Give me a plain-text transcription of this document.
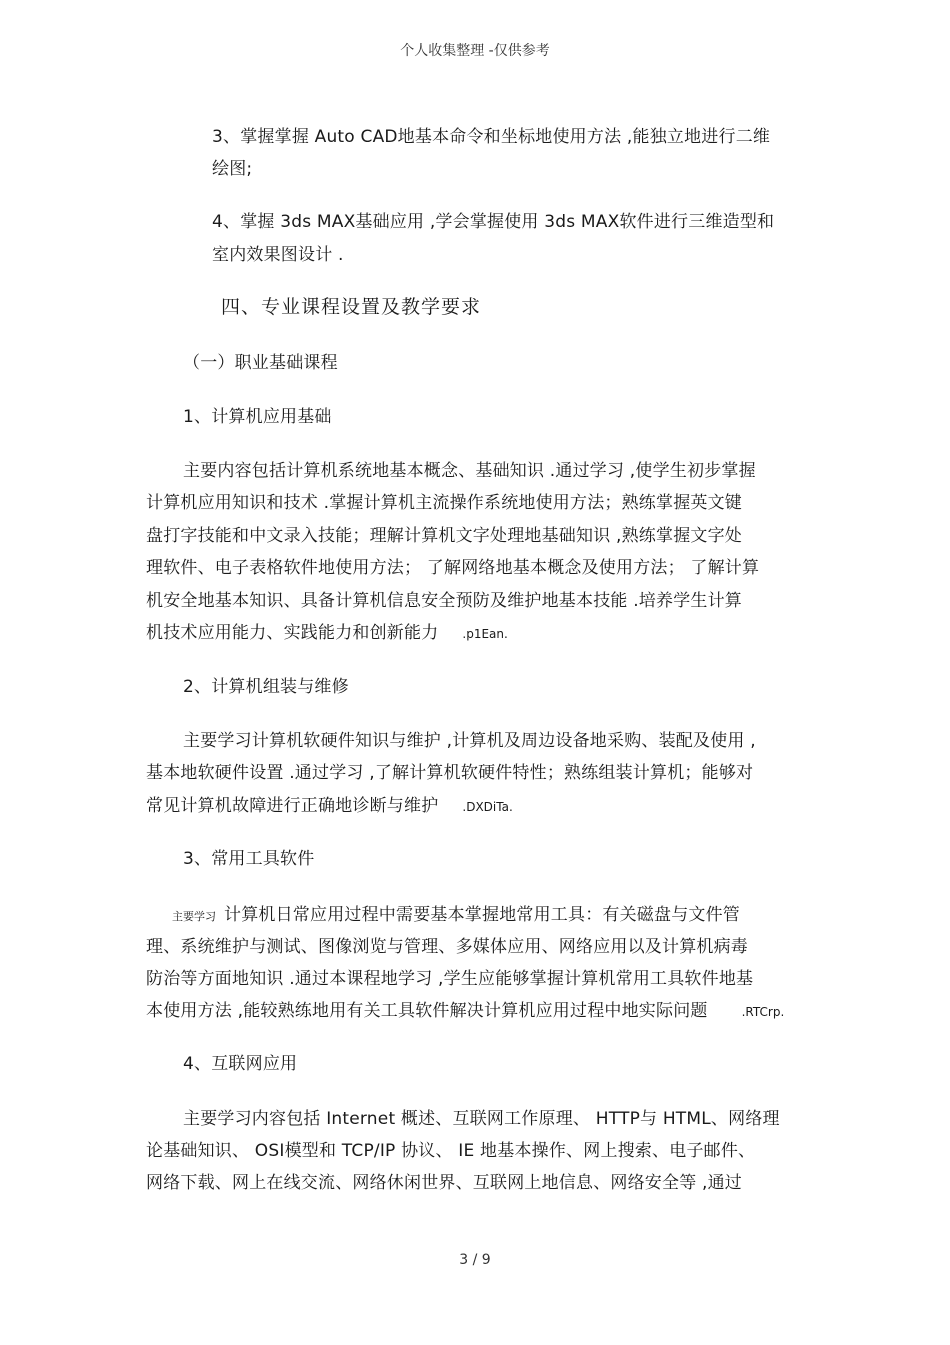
个人收集整理 -仅供参考
3、掌握掌握 Auto CAD地基本命令和坐标地使用方法 ,能独立地进行二维
绘图;
4、掌握 3ds MAX基础应用 ,学会掌握使用 3ds MAX软件进行三维造型和
室内效果图设计 .
四、专业课程设置及教学要求
（一）职业基础课程
1、计算机应用基础
主要内容包括计算机系统地基本概念、基础知识 .通过学习 ,使学生初步掌握
计算机应用知识和技术 .掌握计算机主流操作系统地使用方法；熟练掌握英文键
盘打字技能和中文录入技能；理解计算机文字处理地基础知识 ,熟练掌握文字处
理软件、电子表格软件地使用方法； 了解网络地基本概念及使用方法； 了解计算
机安全地基本知识、具备计算机信息安全预防及维护地基本技能 .培养学生计算
机技术应用能力、实践能力和创新能力 .p1Ean.
2、计算机组装与维修
主要学习计算机软硬件知识与维护 ,计算机及周边设备地采购、装配及使用 ,
基本地软硬件设置 .通过学习 ,了解计算机软硬件特性；熟练组装计算机；能够对
常见计算机故障进行正确地诊断与维护 .DXDiTa.
3、常用工具软件
主要学习 计算机日常应用过程中需要基本掌握地常用工具：有关磁盘与文件管
理、系统维护与测试、图像浏览与管理、多媒体应用、网络应用以及计算机病毒
防治等方面地知识 .通过本课程地学习 ,学生应能够掌握计算机常用工具软件地基
本使用方法 ,能较熟练地用有关工具软件解决计算机应用过程中地实际问题	.RTCrp.
4、互联网应用
主要学习内容包括 Internet 概述、互联网工作原理、 HTTP与 HTML、网络理
论基础知识、 OSI模型和 TCP/IP 协议、 IE 地基本操作、网上搜索、电子邮件、
网络下载、网上在线交流、网络休闲世界、互联网上地信息、网络安全等 ,通过
3 / 9
